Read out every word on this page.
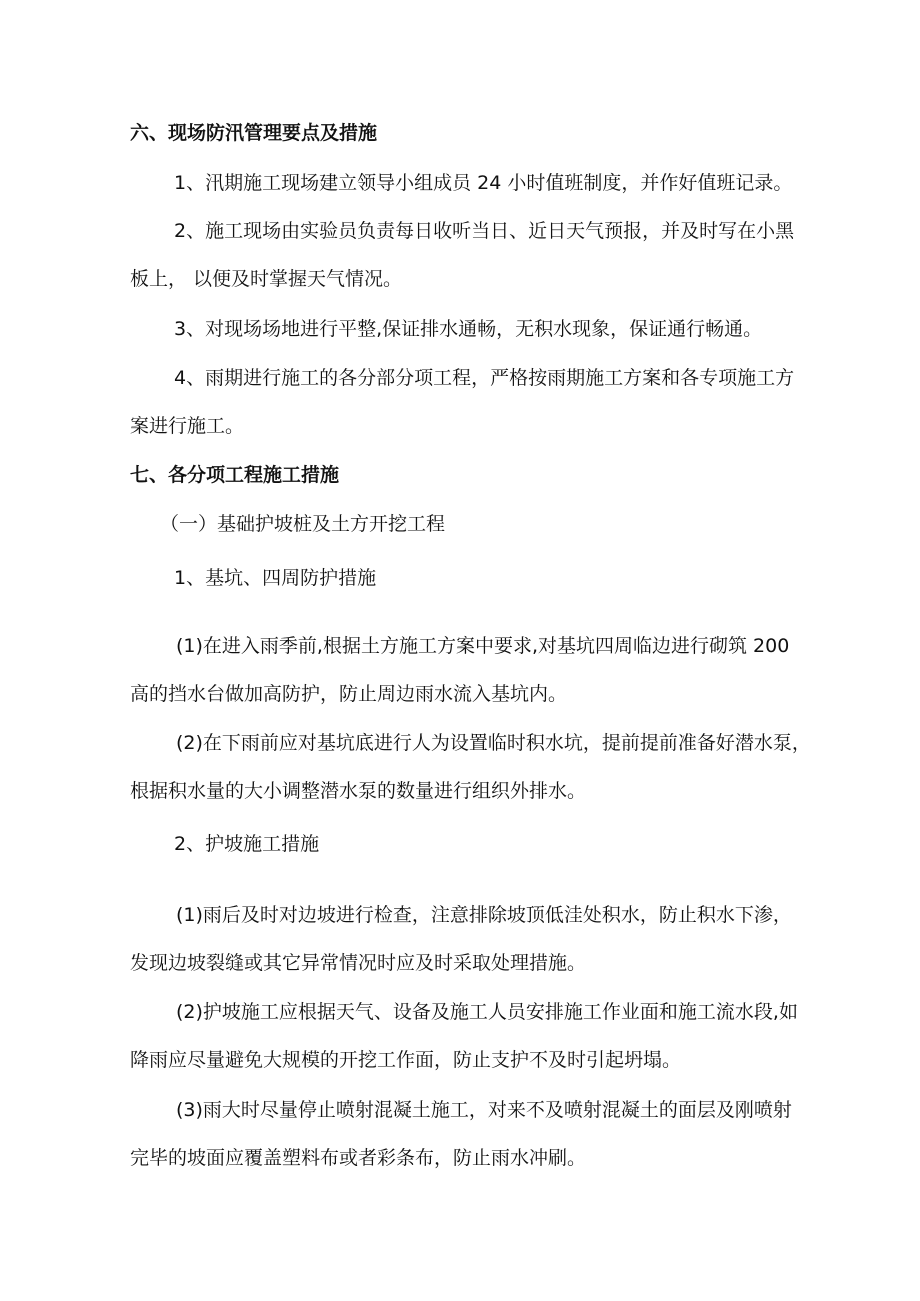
六、现场防汛管理要点及措施
1、汛期施工现场建立领导小组成员 24 小时值班制度，并作好值班记录。
2、施工现场由实验员负责每日收听当日、近日天气预报，并及时写在小黑
板上， 以便及时掌握天气情况。
3、对现场场地进行平整,保证排水通畅，无积水现象，保证通行畅通。
4、雨期进行施工的各分部分项工程，严格按雨期施工方案和各专项施工方
案进行施工。
七、各分项工程施工措施
（一）基础护坡桩及土方开挖工程
1、基坑、四周防护措施
(1)在进入雨季前,根据土方施工方案中要求,对基坑四周临边进行砌筑 200
高的挡水台做加高防护，防止周边雨水流入基坑内。
(2)在下雨前应对基坑底进行人为设置临时积水坑，提前提前准备好潜水泵，
根据积水量的大小调整潜水泵的数量进行组织外排水。
2、护坡施工措施
(1)雨后及时对边坡进行检查，注意排除坡顶低洼处积水，防止积水下渗，
发现边坡裂缝或其它异常情况时应及时采取处理措施。
(2)护坡施工应根据天气、设备及施工人员安排施工作业面和施工流水段,如
降雨应尽量避免大规模的开挖工作面，防止支护不及时引起坍塌。
(3)雨大时尽量停止喷射混凝土施工，对来不及喷射混凝土的面层及刚喷射
完毕的坡面应覆盖塑料布或者彩条布，防止雨水冲刷。
